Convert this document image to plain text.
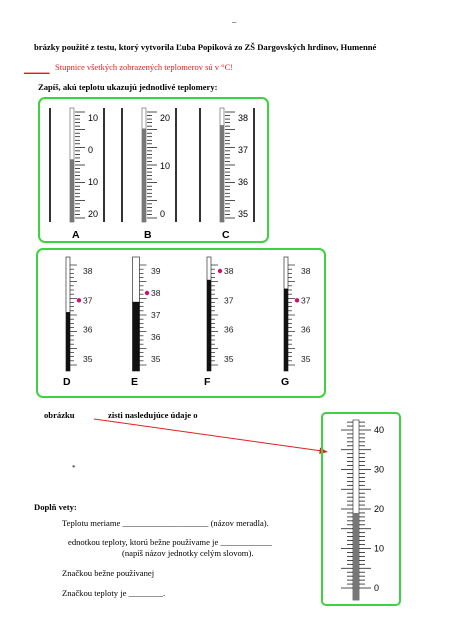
–
brázky použité z testu, ktorý vytvorila Ľuba Popiková zo ZŠ Dargovských hrdinov, Humenné
______ Stupnice všetkých zobrazených teplomerov sú v °C!
Zapíš, akú teplotu ukazujú jednotlivé teplomery:
10
0
10
20
A
20
10
0
B
38
37
36
35
C
38
37
36
35
D
39
38
37
36
35
E
38
37
36
35
F
38
37
36
35
G
obrázku	zisti nasledujúce údaje o
*
40
30
20
10
0
Doplň vety:
Teplotu meriame ____________________ (názov meradla).
ednotkou teploty, ktorú bežne používame je ____________
(napíš názov jednotky celým slovom).
Značkou bežne používanej
Značkou teploty je ________.
